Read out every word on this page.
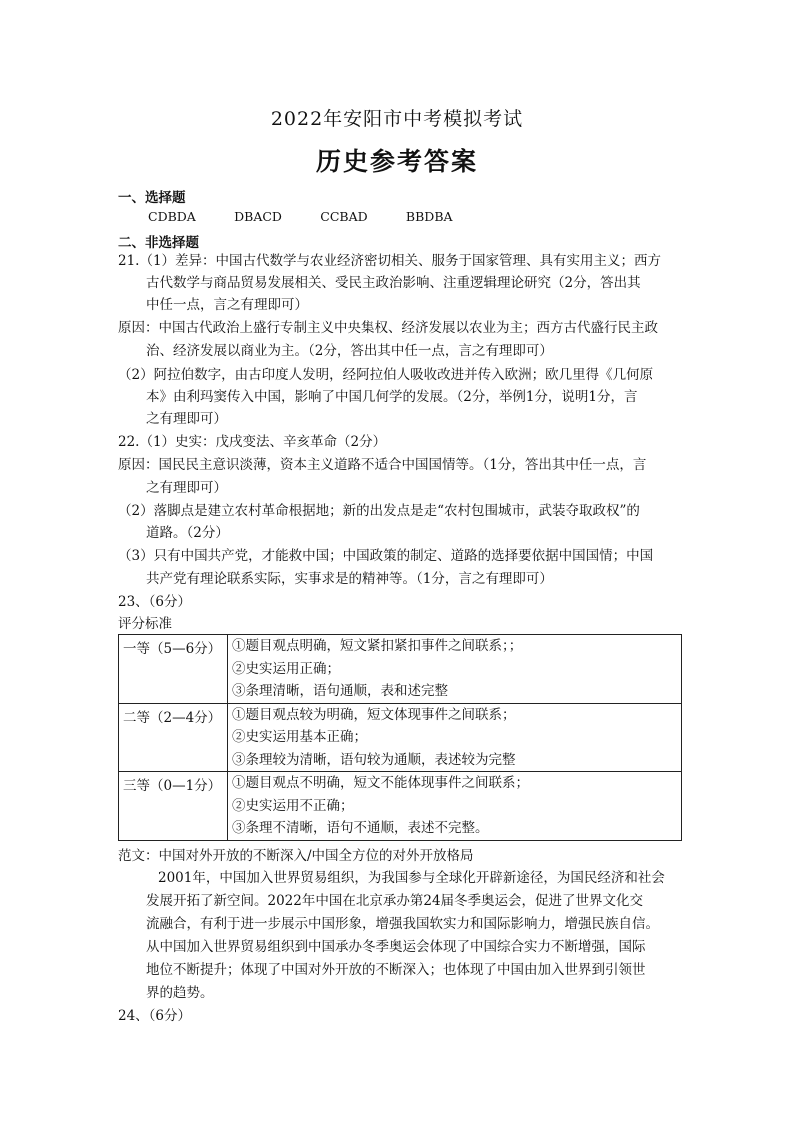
2022年安阳市中考模拟考试
历史参考答案
一、选择题
CDBDA	DBACD	CCBAD	BBDBA
二、非选择题
21.（1）差异：中国古代数学与农业经济密切相关、服务于国家管理、具有实用主义；西方
古代数学与商品贸易发展相关、受民主政治影响、注重逻辑理论研究（2分，答出其
中任一点，言之有理即可）
原因：中国古代政治上盛行专制主义中央集权、经济发展以农业为主；西方古代盛行民主政
治、经济发展以商业为主。（2分，答出其中任一点，言之有理即可）
（2）阿拉伯数字，由古印度人发明，经阿拉伯人吸收改进并传入欧洲；欧几里得《几何原
本》由利玛窦传入中国，影响了中国几何学的发展。（2分，举例1分，说明1分，言
之有理即可）
22.（1）史实：戊戌变法、辛亥革命（2分）
原因：国民民主意识淡薄，资本主义道路不适合中国国情等。（1分，答出其中任一点，言
之有理即可）
（2）落脚点是建立农村革命根据地；新的出发点是走“农村包围城市，武装夺取政权”的
道路。（2分）
（3）只有中国共产党，才能救中国；中国政策的制定、道路的选择要依据中国国情；中国
共产党有理论联系实际，实事求是的精神等。（1分，言之有理即可）
23、（6分）
评分标准
一等（5—6分）	①题目观点明确，短文紧扣紧扣事件之间联系；；
②史实运用正确；
③条理清晰，语句通顺，表和述完整

二等（2—4分）	①题目观点较为明确，短文体现事件之间联系；
②史实运用基本正确；
③条理较为清晰，语句较为通顺，表述较为完整

三等（0—1分）	①题目观点不明确，短文不能体现事件之间联系；
②史实运用不正确；
③条理不清晰，语句不通顺，表述不完整。
范文：中国对外开放的不断深入/中国全方位的对外开放格局
2001年，中国加入世界贸易组织，为我国参与全球化开辟新途径，为国民经济和社会
发展开拓了新空间。2022年中国在北京承办第24届冬季奥运会，促进了世界文化交
流融合，有利于进一步展示中国形象，增强我国软实力和国际影响力，增强民族自信。
从中国加入世界贸易组织到中国承办冬季奥运会体现了中国综合实力不断增强，国际
地位不断提升；体现了中国对外开放的不断深入；也体现了中国由加入世界到引领世
界的趋势。
24、（6分）
